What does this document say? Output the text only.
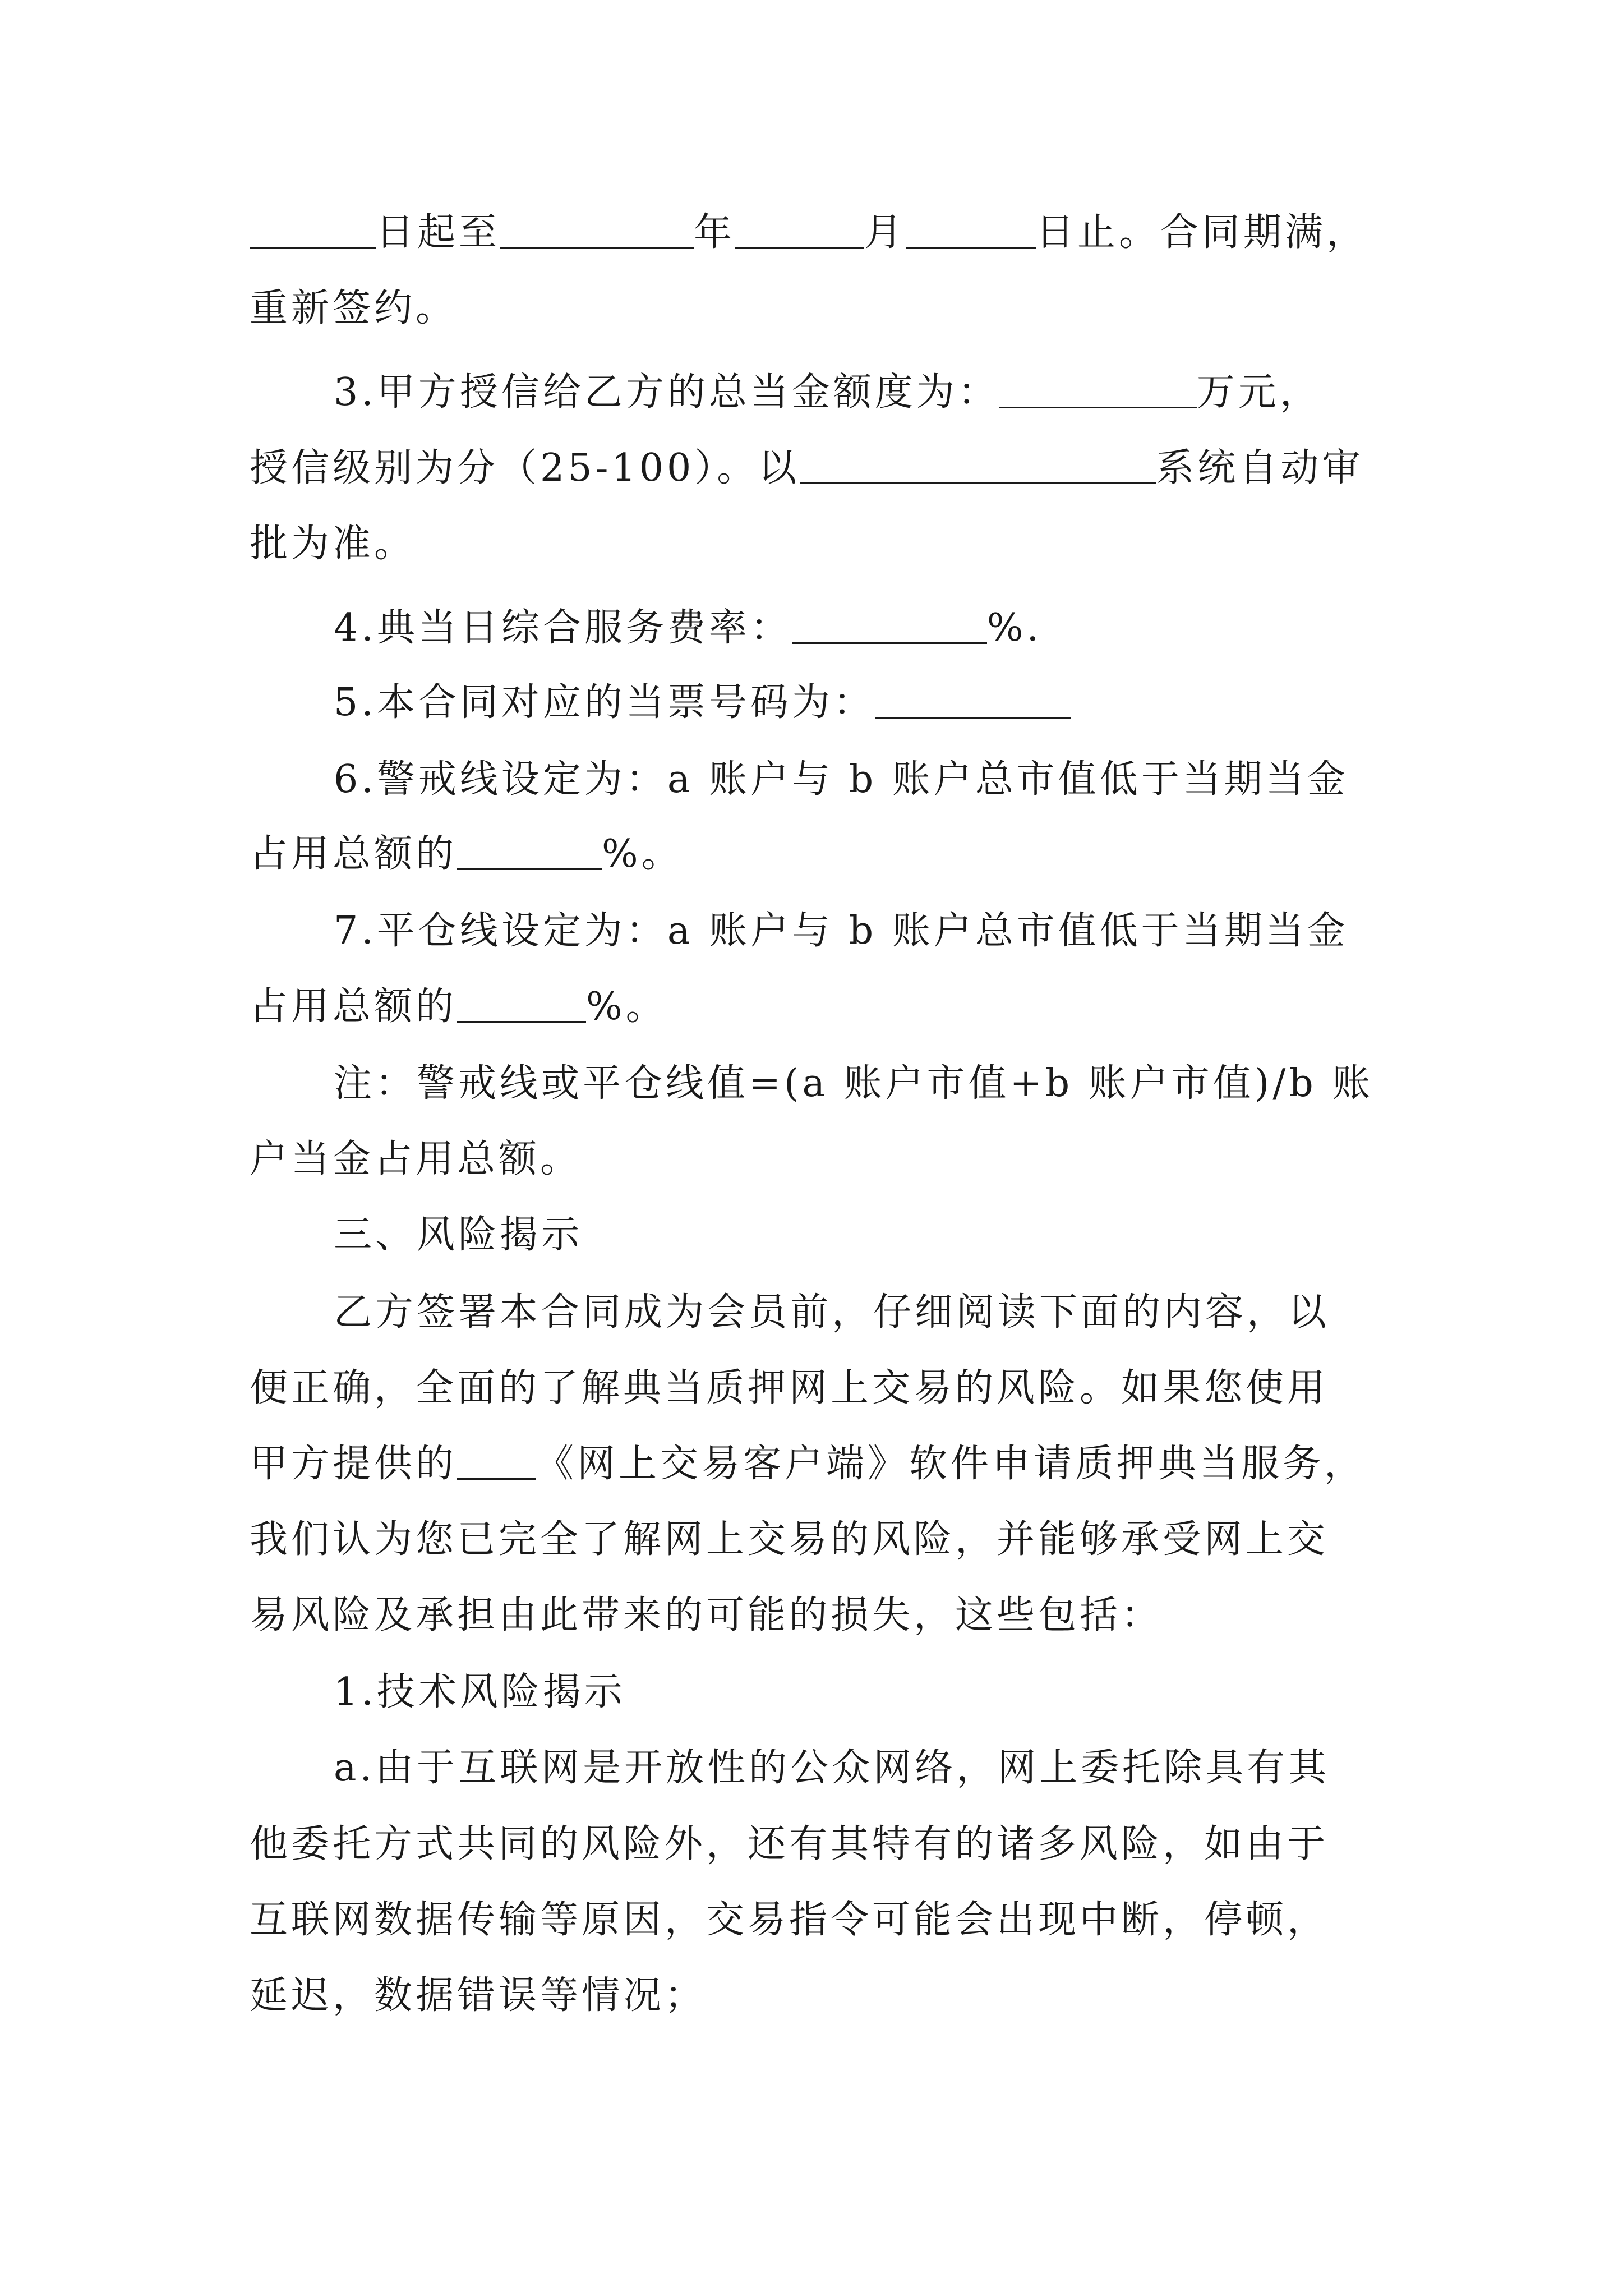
日起至	年	月	日止。合同期满，
重新签约。
3.甲方授信给乙方的总当金额度为：	万元，
授信级别为分（25-100）。以	系统自动审
批为准。
4.典当日综合服务费率：	%.
5.本合同对应的当票号码为：
6.警戒线设定为：a 账户与 b 账户总市值低于当期当金
占用总额的	%。
7.平仓线设定为：a 账户与 b 账户总市值低于当期当金
占用总额的	%。
注：警戒线或平仓线值=(a 账户市值+b 账户市值)/b 账
户当金占用总额。
三、风险揭示
乙方签署本合同成为会员前，仔细阅读下面的内容，以
便正确，全面的了解典当质押网上交易的风险。如果您使用
甲方提供的 《网上交易客户端》软件申请质押典当服务，
我们认为您已完全了解网上交易的风险，并能够承受网上交
易风险及承担由此带来的可能的损失，这些包括：
1.技术风险揭示
a.由于互联网是开放性的公众网络，网上委托除具有其
他委托方式共同的风险外，还有其特有的诸多风险，如由于
互联网数据传输等原因，交易指令可能会出现中断，停顿，
延迟，数据错误等情况；
